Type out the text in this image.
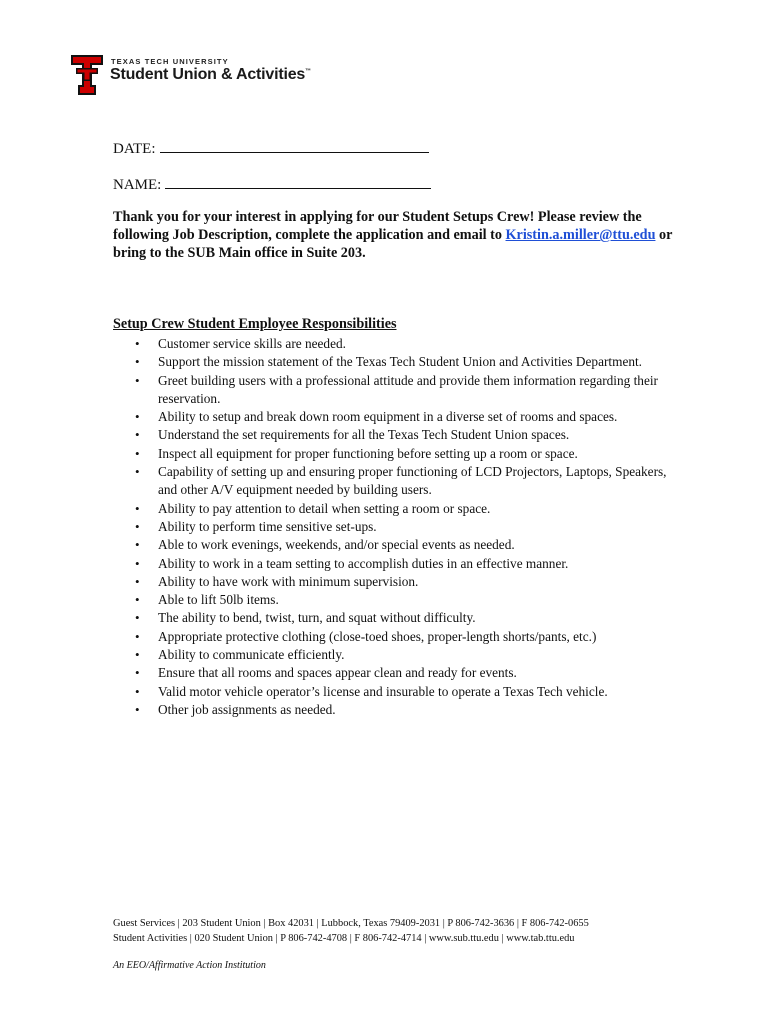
TEXAS TECH UNIVERSITY
Student Union & Activities™
DATE:
NAME:

Thank you for your interest in applying for our Student Setups Crew! Please review the following Job Description, complete the application and email to Kristin.a.miller@ttu.edu or bring to the SUB Main office in Suite 203.

Setup Crew Student Employee Responsibilities
• Customer service skills are needed.
• Support the mission statement of the Texas Tech Student Union and Activities Department.
• Greet building users with a professional attitude and provide them information regarding their reservation.
• Ability to setup and break down room equipment in a diverse set of rooms and spaces.
• Understand the set requirements for all the Texas Tech Student Union spaces.
• Inspect all equipment for proper functioning before setting up a room or space.
• Capability of setting up and ensuring proper functioning of LCD Projectors, Laptops, Speakers, and other A/V equipment needed by building users.
• Ability to pay attention to detail when setting a room or space.
• Ability to perform time sensitive set-ups.
• Able to work evenings, weekends, and/or special events as needed.
• Ability to work in a team setting to accomplish duties in an effective manner.
• Ability to have work with minimum supervision.
• Able to lift 50lb items.
• The ability to bend, twist, turn, and squat without difficulty.
• Appropriate protective clothing (close-toed shoes, proper-length shorts/pants, etc.)
• Ability to communicate efficiently.
• Ensure that all rooms and spaces appear clean and ready for events.
• Valid motor vehicle operator’s license and insurable to operate a Texas Tech vehicle.
• Other job assignments as needed.
Guest Services | 203 Student Union | Box 42031 | Lubbock, Texas 79409-2031 | P 806-742-3636 | F 806-742-0655
Student Activities | 020 Student Union | P 806-742-4708 | F 806-742-4714 | www.sub.ttu.edu | www.tab.ttu.edu
An EEO/Affirmative Action Institution
